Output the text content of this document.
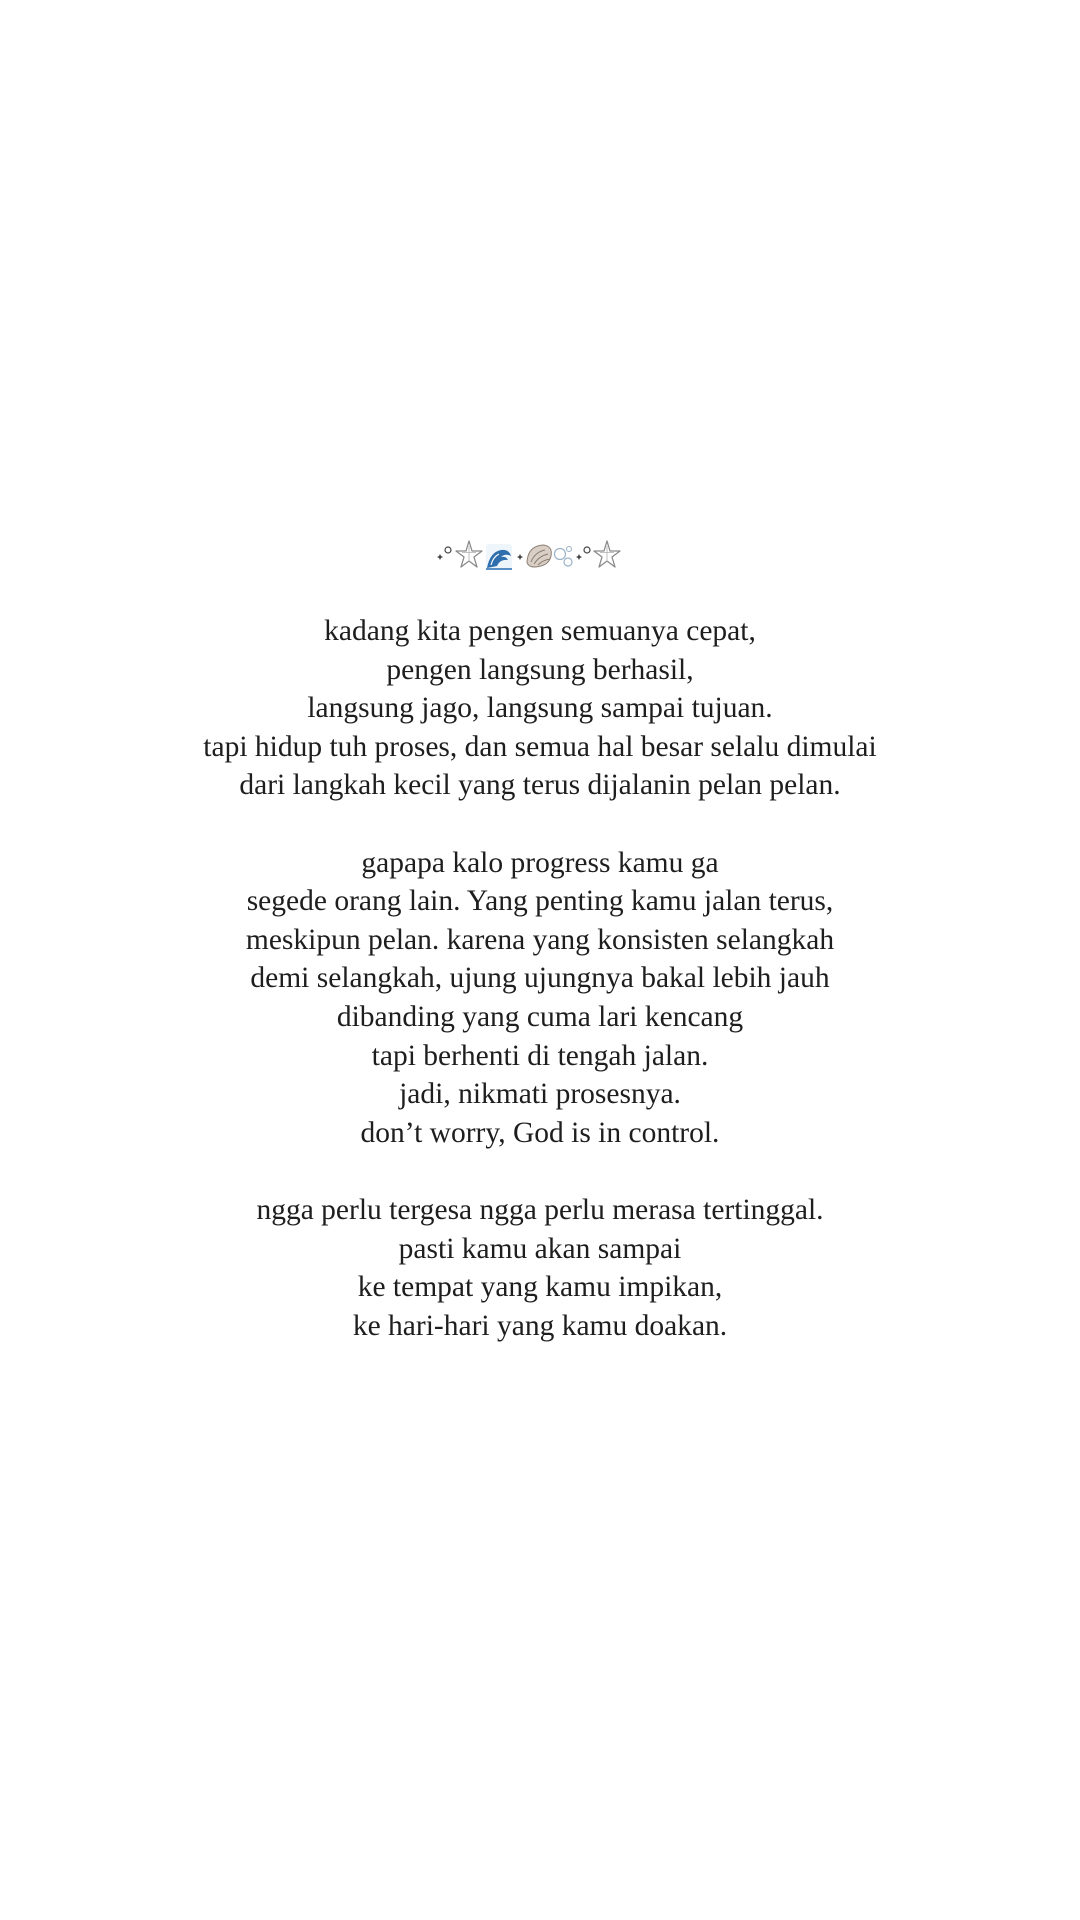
kadang kita pengen semuanya cepat,
pengen langsung berhasil,
langsung jago, langsung sampai tujuan.
tapi hidup tuh proses, dan semua hal besar selalu dimulai
dari langkah kecil yang terus dijalanin pelan pelan.

gapapa kalo progress kamu ga
segede orang lain. Yang penting kamu jalan terus,
meskipun pelan. karena yang konsisten selangkah
demi selangkah, ujung ujungnya bakal lebih jauh
dibanding yang cuma lari kencang
tapi berhenti di tengah jalan.
jadi, nikmati prosesnya.
don’t worry, God is in control.

ngga perlu tergesa ngga perlu merasa tertinggal.
pasti kamu akan sampai
ke tempat yang kamu impikan,
ke hari-hari yang kamu doakan.
